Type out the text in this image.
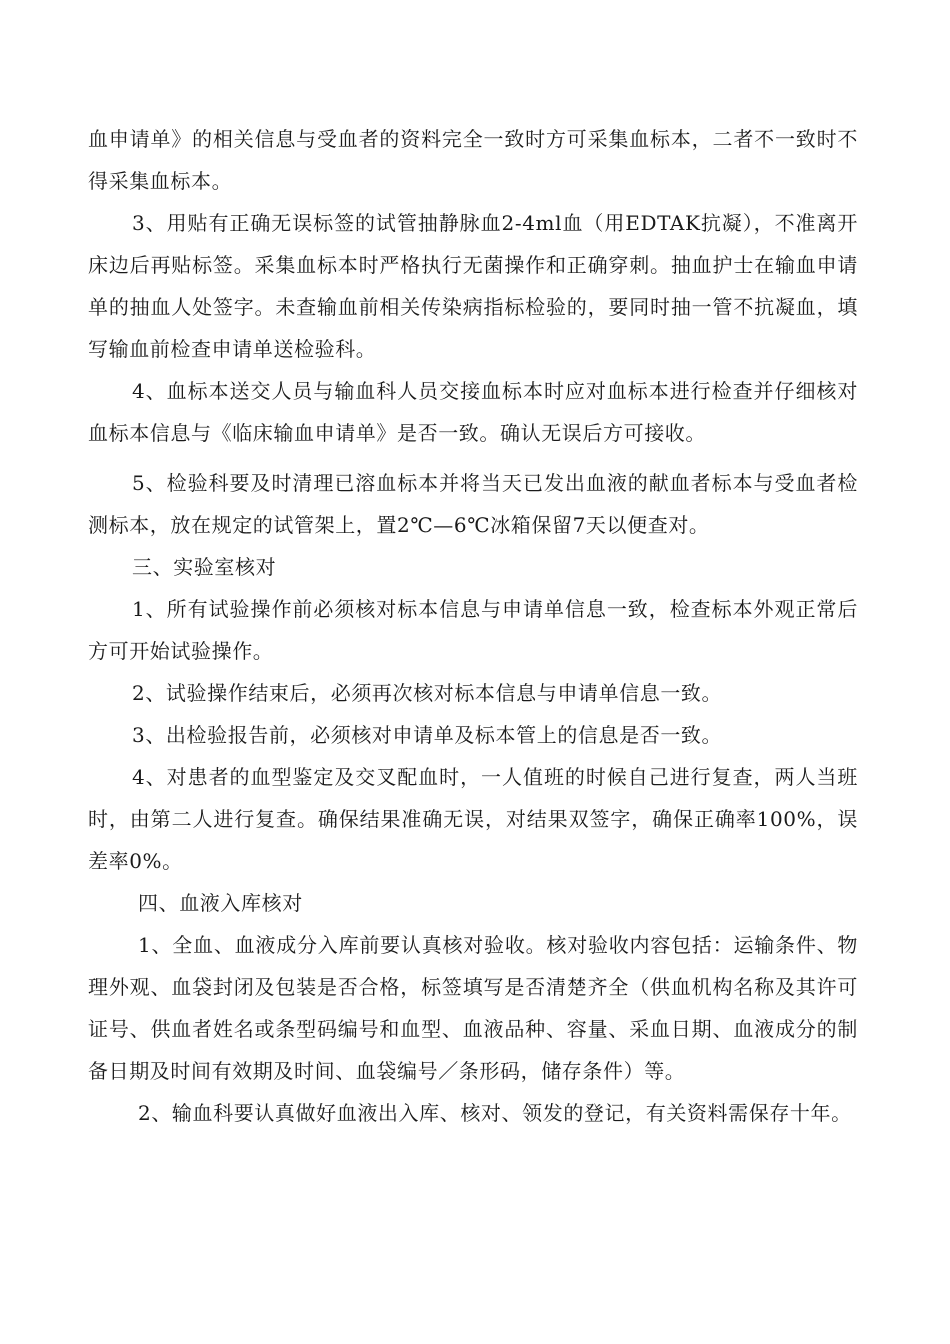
血申请单》的相关信息与受血者的资料完全一致时方可采集血标本，二者不一致时不得采集血标本。

3、用贴有正确无误标签的试管抽静脉血2-4ml血（用EDTAK抗凝），不准离开床边后再贴标签。采集血标本时严格执行无菌操作和正确穿刺。抽血护士在输血申请单的抽血人处签字。未查输血前相关传染病指标检验的，要同时抽一管不抗凝血，填写输血前检查申请单送检验科。

4、血标本送交人员与输血科人员交接血标本时应对血标本进行检查并仔细核对血标本信息与《临床输血申请单》是否一致。确认无误后方可接收。

5、检验科要及时清理已溶血标本并将当天已发出血液的献血者标本与受血者检测标本，放在规定的试管架上，置2℃—6℃冰箱保留7天以便查对。

三、实验室核对

1、所有试验操作前必须核对标本信息与申请单信息一致，检查标本外观正常后方可开始试验操作。

2、试验操作结束后，必须再次核对标本信息与申请单信息一致。

3、出检验报告前，必须核对申请单及标本管上的信息是否一致。

4、对患者的血型鉴定及交叉配血时，一人值班的时候自己进行复查，两人当班时，由第二人进行复查。确保结果准确无误，对结果双签字，确保正确率100%，误差率0%。

四、血液入库核对

1、全血、血液成分入库前要认真核对验收。核对验收内容包括：运输条件、物理外观、血袋封闭及包装是否合格，标签填写是否清楚齐全（供血机构名称及其许可证号、供血者姓名或条型码编号和血型、血液品种、容量、采血日期、血液成分的制备日期及时间有效期及时间、血袋编号／条形码，储存条件）等。

2、输血科要认真做好血液出入库、核对、领发的登记，有关资料需保存十年。
